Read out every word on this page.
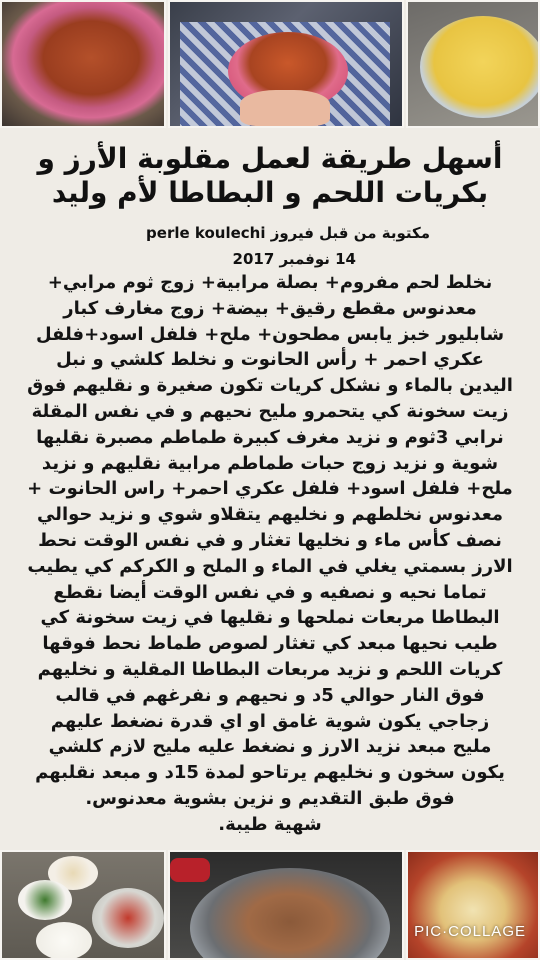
أسهل طريقة لعمل مقلوبة الأرز و
بكريات اللحم و البطاطا لأم وليد
مكتوبة من قبل فيروز perle koulechi
14 نوفمبر 2017
نخلط لحم مفروم+ بصلة مرابية+ زوج ثوم مرابي+
معدنوس مقطع رقيق+ بيضة+ زوج مغارف كبار
شابليور خبز يابس مطحون+ ملح+ فلفل اسود+فلفل
عكري احمر + رأس الحانوت و نخلط كلشي و نبل
اليدين بالماء و نشكل كريات تكون صغيرة و نقليهم فوق
زيت سخونة كي يتحمرو مليح نحيهم و في نفس المقلة
نرابي 3ثوم و نزيد مغرف كبيرة طماطم مصبرة نقليها
شوية و نزيد زوج حبات طماطم مرابية نقليهم و نزيد
ملح+ فلفل اسود+ فلفل عكري احمر+ راس الحانوت +
معدنوس نخلطهم و نخليهم يتقلاو شوي و نزيد حوالي
نصف كأس ماء و نخليها تغثار و في نفس الوقت نحط
الارز بسمتي يغلي في الماء و الملح و الكركم كي يطيب
تماما نحيه و نصفيه و في نفس الوقت أيضا نقطع
البطاطا مربعات نملحها و نقليها في زيت سخونة كي
طيب نحيها مبعد كي تغثار لصوص طماط نحط فوقها
كريات اللحم و نزيد مربعات البطاطا المقلية و نخليهم
فوق النار حوالي 5د و نحيهم و نفرغهم في قالب
زجاجي يكون شوية غامق او اي قدرة نضغط عليهم
مليح مبعد نزيد الارز و نضغط عليه مليح لازم كلشي
يكون سخون و نخليهم يرتاحو لمدة 15د و مبعد نقلبهم
فوق طبق التقديم و نزين بشوية معدنوس.
شهية طيبة.
PIC·COLLAGE
